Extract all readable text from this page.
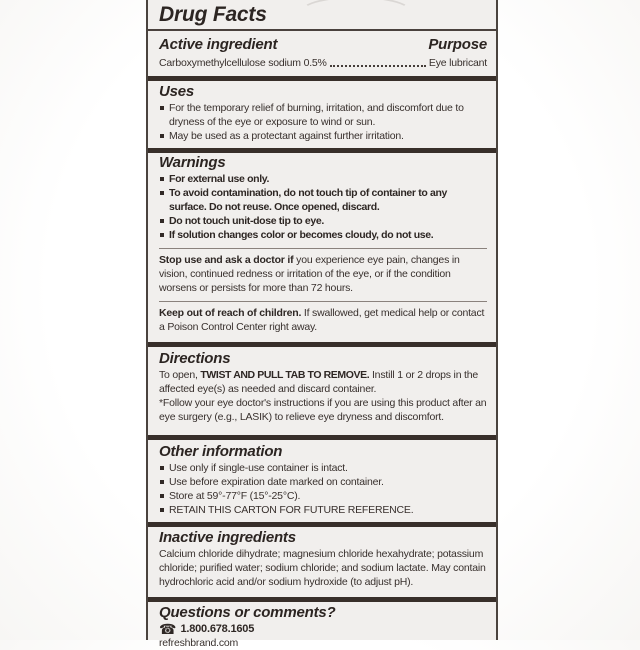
Drug Facts
Active ingredient	Purpose
Carboxymethylcellulose sodium 0.5%	Eye lubricant
Uses
For the temporary relief of burning, irritation, and discomfort due to dryness of the eye or exposure to wind or sun.
May be used as a protectant against further irritation.
Warnings
For external use only.
To avoid contamination, do not touch tip of container to any surface. Do not reuse. Once opened, discard.
Do not touch unit-dose tip to eye.
If solution changes color or becomes cloudy, do not use.

Stop use and ask a doctor if you experience eye pain, changes in vision, continued redness or irritation of the eye, or if the condition worsens or persists for more than 72 hours.

Keep out of reach of children. If swallowed, get medical help or contact a Poison Control Center right away.

Directions

To open, TWIST AND PULL TAB TO REMOVE. Instill 1 or 2 drops in the affected eye(s) as needed and discard container.

*Follow your eye doctor's instructions if you are using this product after an eye surgery (e.g., LASIK) to relieve eye dryness and discomfort.

Other information
Use only if single-use container is intact.
Use before expiration date marked on container.
Store at 59°-77°F (15°-25°C).
RETAIN THIS CARTON FOR FUTURE REFERENCE.
Inactive ingredients

Calcium chloride dihydrate; magnesium chloride hexahydrate; potassium chloride; purified water; sodium chloride; and sodium lactate. May contain hydrochloric acid and/or sodium hydroxide (to adjust pH).

Questions or comments?
☎ 1.800.678.1605
refreshbrand.com
